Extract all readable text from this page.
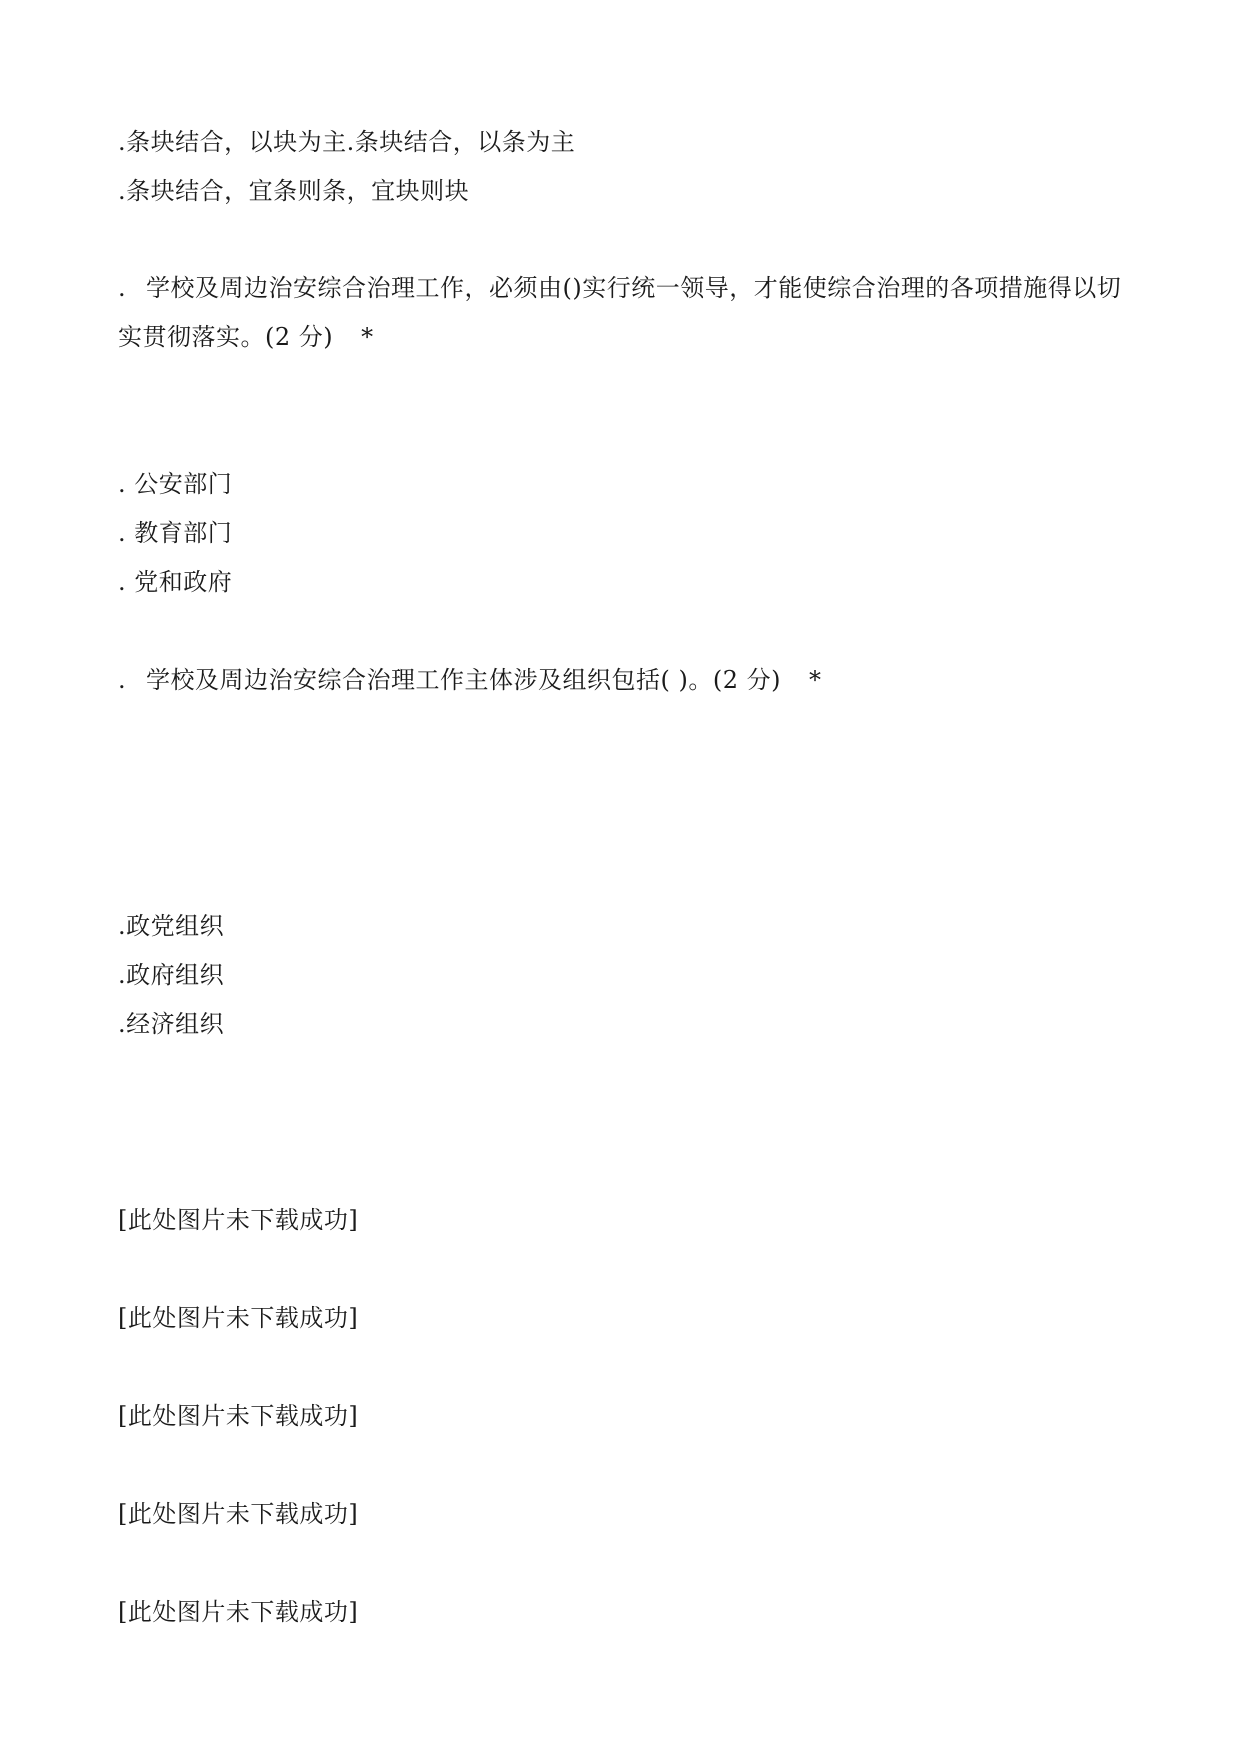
.条块结合，以块为主.条块结合，以条为主
.条块结合，宜条则条，宜块则块
. 学校及周边治安综合治理工作，必须由()实行统一领导，才能使综合治理的各项措施得以切实贯彻落实。(2 分) *
. 公安部门
. 教育部门
. 党和政府
. 学校及周边治安综合治理工作主体涉及组织包括( )。(2 分) *
.政党组织
.政府组织
.经济组织
[此处图片未下载成功]
[此处图片未下载成功]
[此处图片未下载成功]
[此处图片未下载成功]
[此处图片未下载成功]
